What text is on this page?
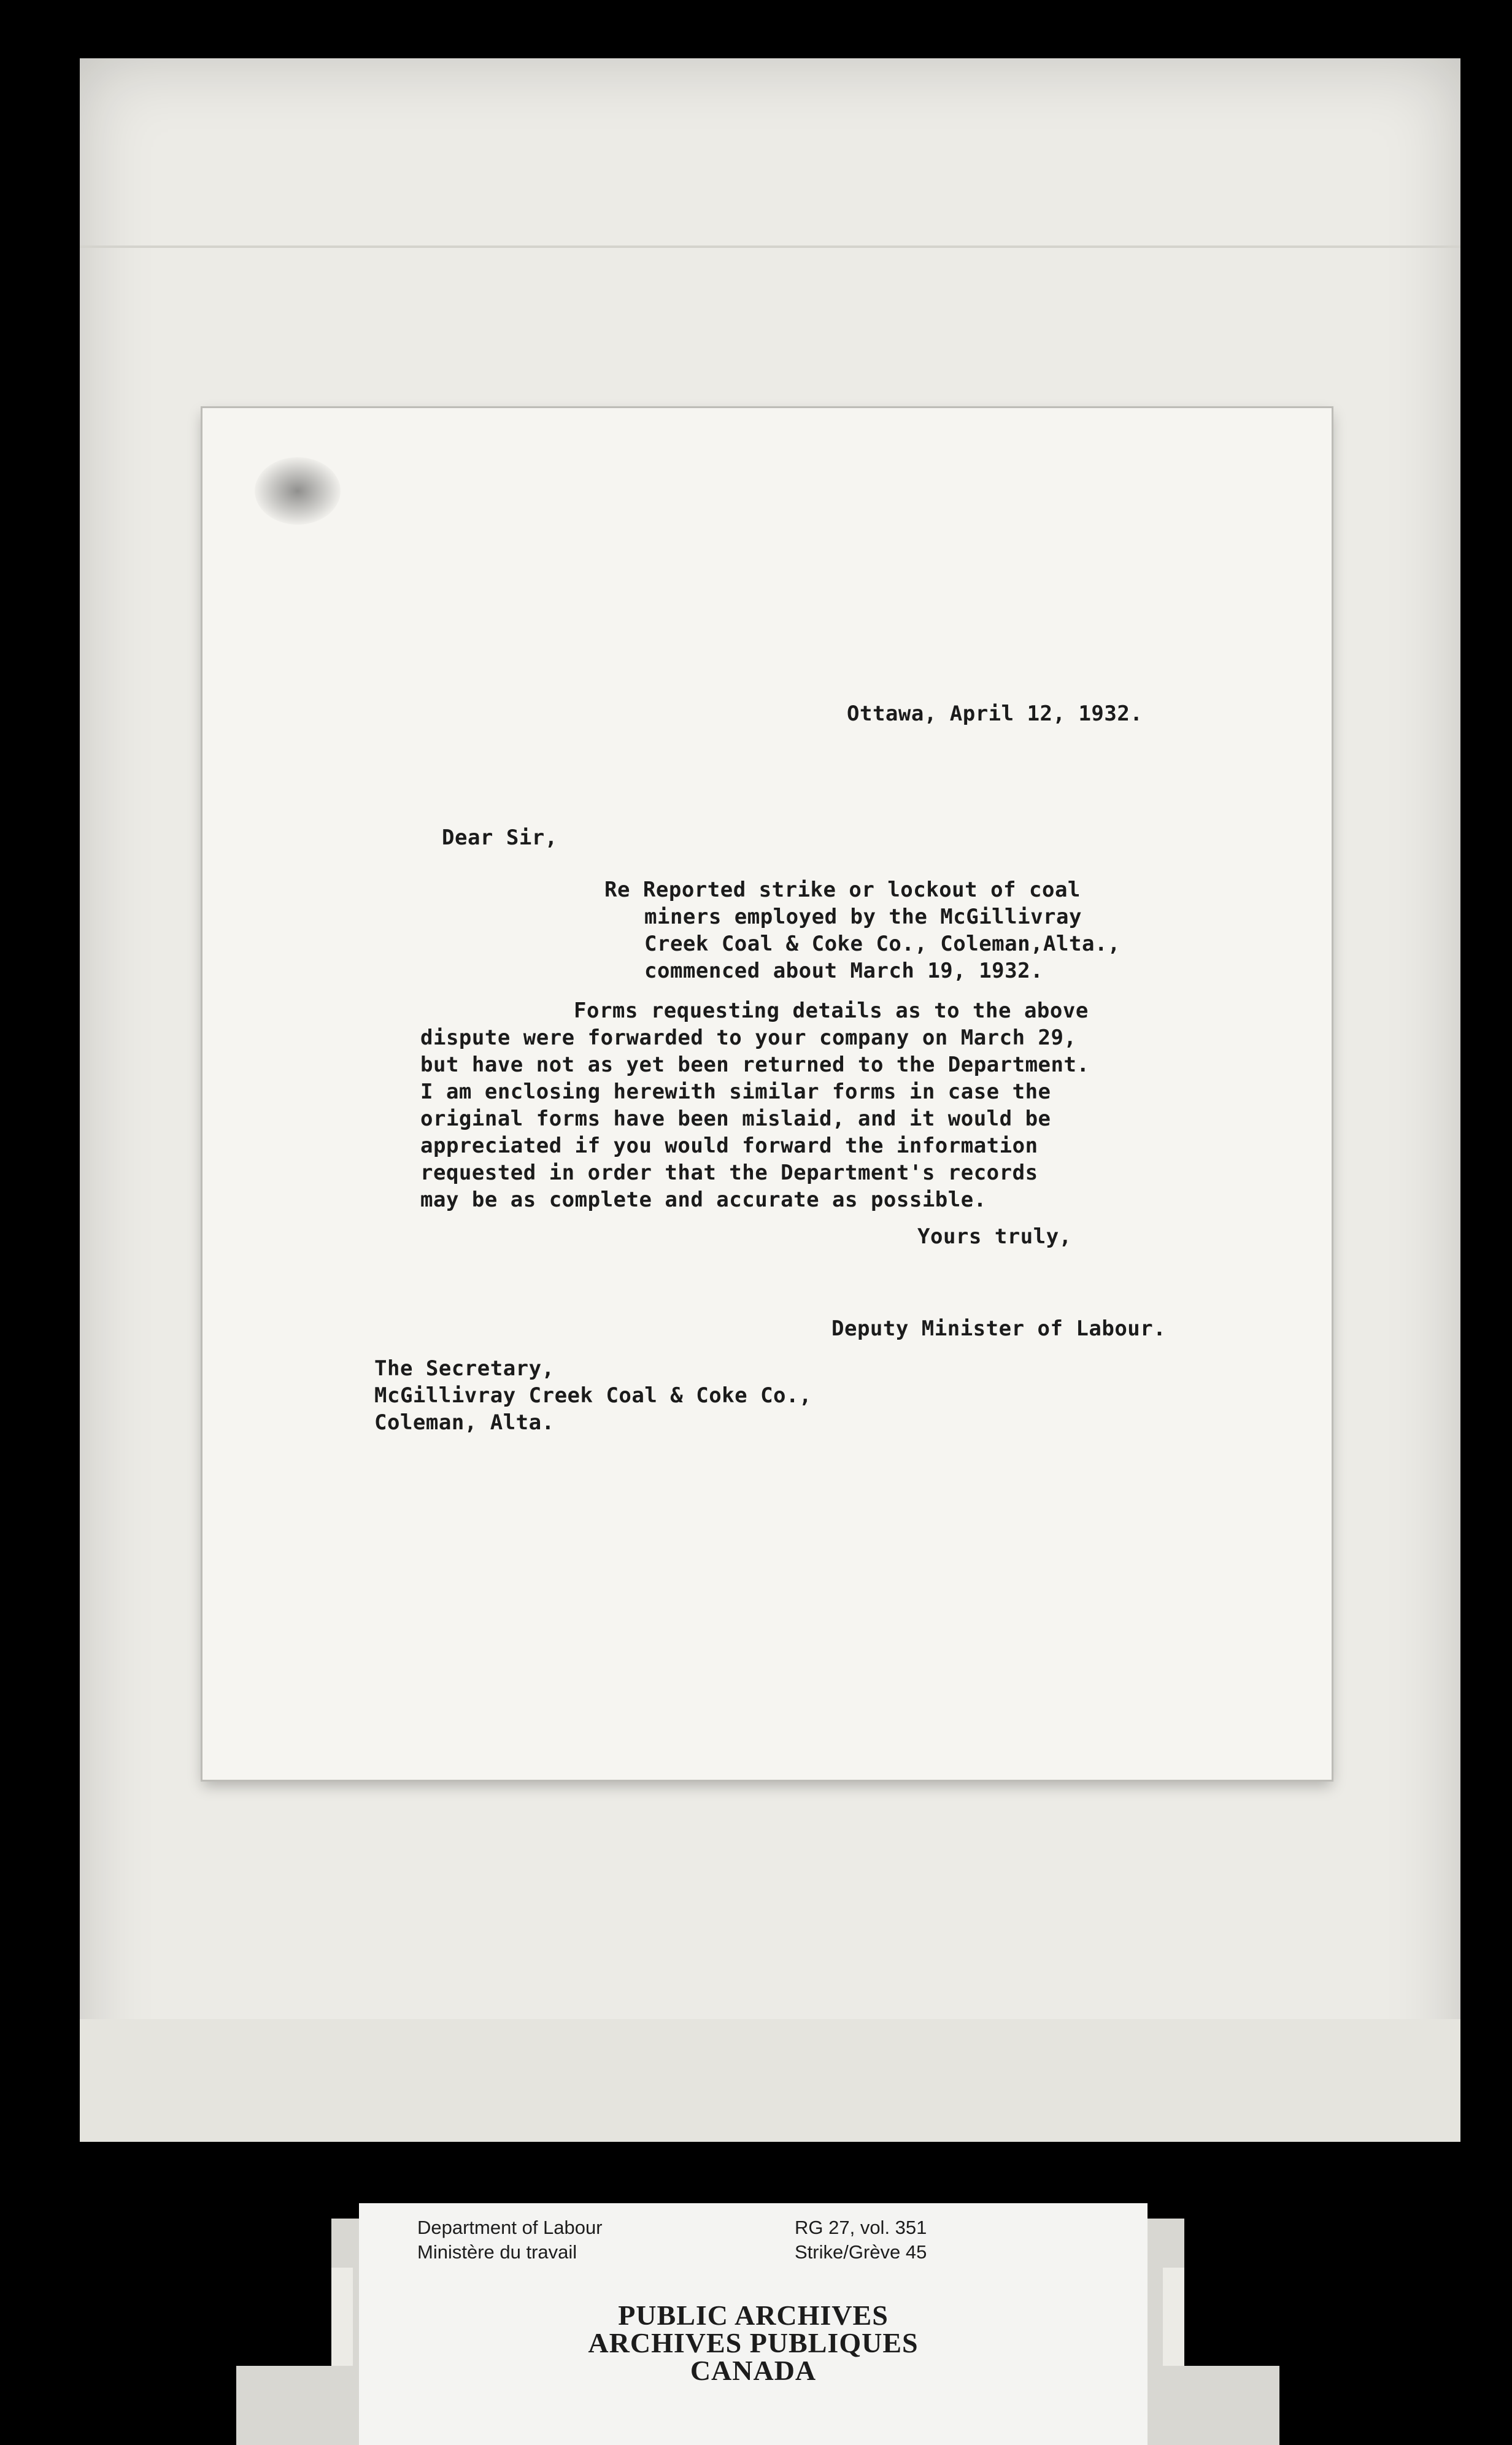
Ottawa, April 12, 1932.
Dear Sir,
Re Reported strike or lockout of coal
miners employed by the McGillivray
Creek Coal & Coke Co., Coleman,Alta.,
commenced about March 19, 1932.
Forms requesting details as to the above
dispute were forwarded to your company on March 29,
but have not as yet been returned to the Department.
I am enclosing herewith similar forms in case the
original forms have been mislaid, and it would be
appreciated if you would forward the information
requested in order that the Department's records
may be as complete and accurate as possible.
Yours truly,
Deputy Minister of Labour.
The Secretary,
McGillivray Creek Coal & Coke Co.,
Coleman, Alta.
Department of Labour
Ministère du travail
RG 27, vol. 351
Strike/Grève 45
PUBLIC ARCHIVES
ARCHIVES PUBLIQUES
CANADA
